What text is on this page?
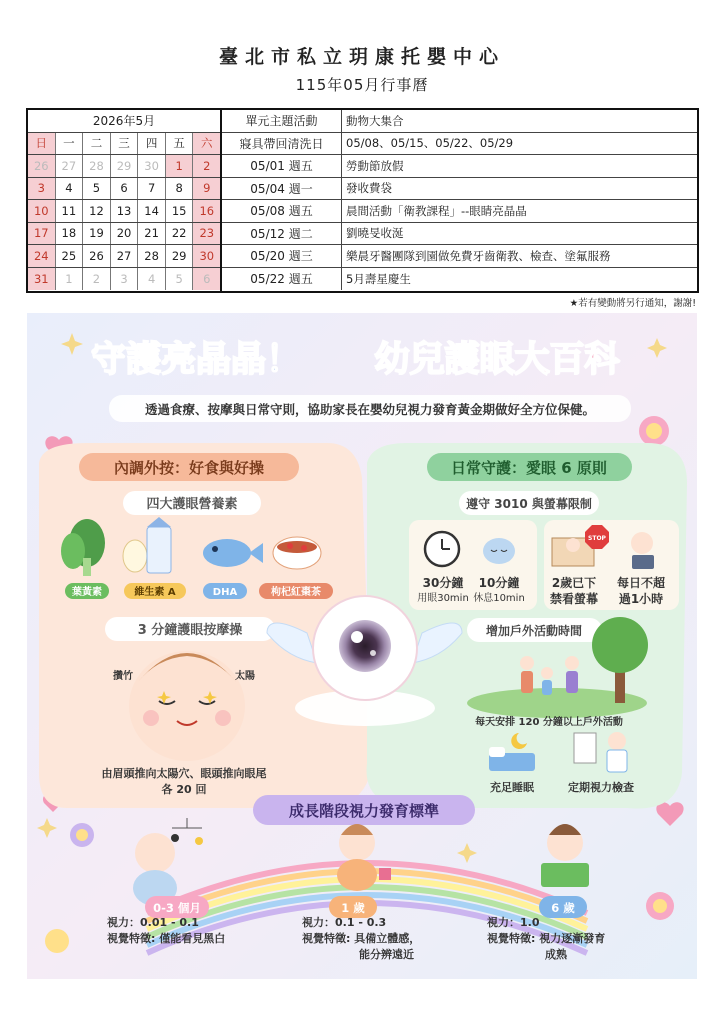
臺北市私立玥康托嬰中心
115年05月行事曆
2026年5月
日	一	二	三	四	五	六
26	27	28	29	30	1	2
3	4	5	6	7	8	9
10	11	12	13	14	15	16
17	18	19	20	21	22	23
24	25	26	27	28	29	30
31	1	2	3	4	5	6
單元主題活動	動物大集合
寢具帶回清洗日	05/08、05/15、05/22、05/29
05/01 週五	勞動節放假
05/04 週一	發收費袋
05/08 週五	晨間活動「衛教課程」--眼睛亮晶晶
05/12 週二	劉曉旻收涎
05/20 週三	樂晨牙醫團隊到園做免費牙齒衛教、檢查、塗氟服務
05/22 週五	5月壽星慶生
★若有變動將另行通知，謝謝!
守護亮晶晶！ 幼兒護眼大百科
透過食療、按摩與日常守則，協助家長在嬰幼兒視力發育黃金期做好全方位保健。
內調外按：好食與好操
四大護眼營養素
葉黃素	維生素 A	DHA	枸杞紅棗茶
3 分鐘護眼按摩操
攢竹	太陽
由眉頭推向太陽穴、眼頭推向眼尾
各 20 回
日常守護：愛眼 6 原則
遵守 3010 與螢幕限制
STOP
30分鐘
用眼30min
10分鐘
休息10min
2歲已下
禁看螢幕
每日不超
過1小時
增加戶外活動時間
每天安排 120 分鐘以上戶外活動
充足睡眠	定期視力檢查
成長階段視力發育標準
0-3 個月	1 歲	6 歲
視力：0.01 - 0.1
視覺特徵: 僅能看見黑白
視力：0.1 - 0.3
視覺特徵: 具備立體感，
能分辨遠近
視力：1.0
視覺特徵: 視力逐漸發育
成熟
